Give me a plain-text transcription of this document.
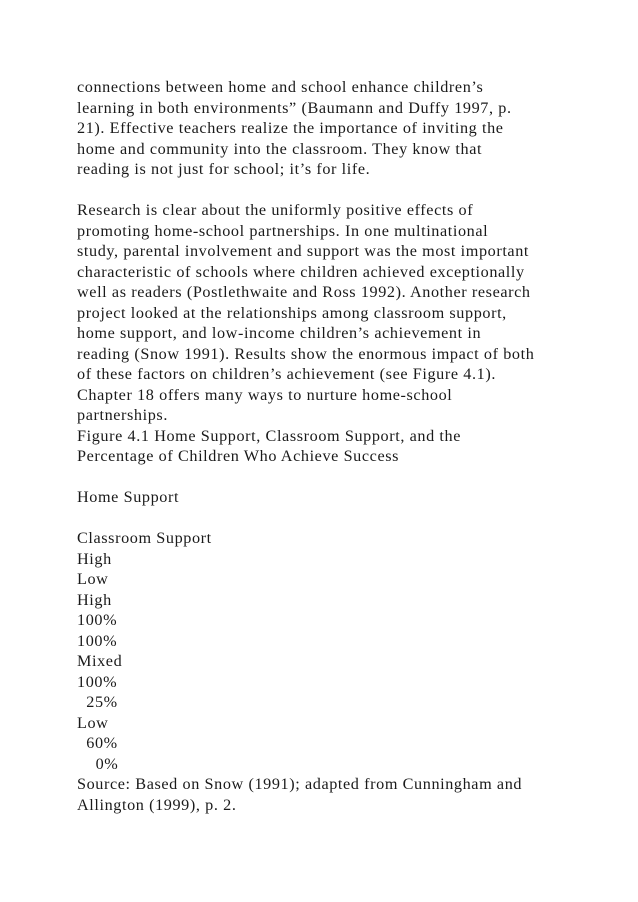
connections between home and school enhance children’s
learning in both environments” (Baumann and Duffy 1997, p.
21). Effective teachers realize the importance of inviting the
home and community into the classroom. They know that
reading is not just for school; it’s for life.
Research is clear about the uniformly positive effects of
promoting home-school partnerships. In one multinational
study, parental involvement and support was the most important
characteristic of schools where children achieved exceptionally
well as readers (Postlethwaite and Ross 1992). Another research
project looked at the relationships among classroom support,
home support, and low-income children’s achievement in
reading (Snow 1991). Results show the enormous impact of both
of these factors on children’s achievement (see Figure 4.1).
Chapter 18 offers many ways to nurture home-school
partnerships.
Figure 4.1 Home Support, Classroom Support, and the
Percentage of Children Who Achieve Success
Home Support
Classroom Support
High
Low
High
100%
100%
Mixed
100%
25%
Low
60%
0%
Source: Based on Snow (1991); adapted from Cunningham and
Allington (1999), p. 2.
